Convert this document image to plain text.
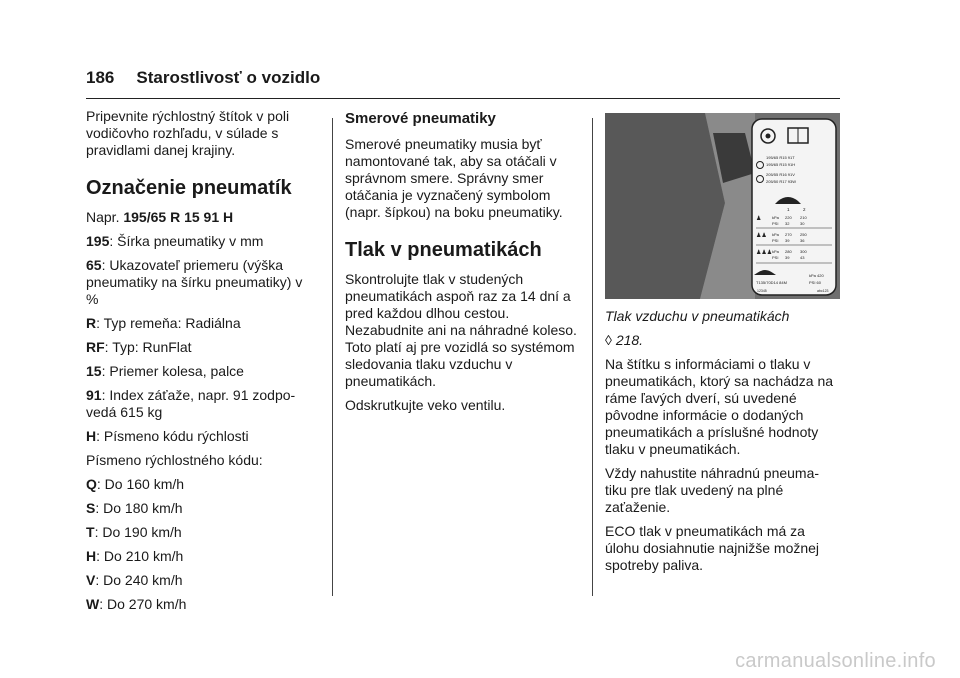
186 Starostlivosť o vozidlo

Pripevnite rýchlostný štítok v poli vodičovho rozhľadu, v súlade s pravidlami danej krajiny.

Označenie pneumatík

Napr. 195/65 R 15 91 H

195: Šírka pneumatiky v mm

65: Ukazovateľ priemeru (výška pneumatiky na šírku pneumatiky) v %

R: Typ remeňa: Radiálna

RF: Typ: RunFlat

15: Priemer kolesa, palce

91: Index záťaže, napr. 91 zodpo-vedá 615 kg

H: Písmeno kódu rýchlosti

Písmeno rýchlostného kódu:

Q: Do 160 km/h

S: Do 180 km/h

T: Do 190 km/h

H: Do 210 km/h

V: Do 240 km/h

W: Do 270 km/h

Smerové pneumatiky

Smerové pneumatiky musia byť namontované tak, aby sa otáčali v správnom smere. Správny smer otáčania je vyznačený symbolom (napr. šípkou) na boku pneumatiky.

Tlak v pneumatikách

Skontrolujte tlak v studených pneumatikách aspoň raz za 14 dní a pred každou dlhou cestou. Nezabudnite ani na náhradné koleso. Toto platí aj pre vozidlá so systémom sledovania tlaku vzduchu v pneumatikách.

Odskrutkujte veko ventilu.

195/65 R15 91T
195/65 R15 91H
205/55 R16 91V
205/50 R17 93W
1	2
♟	kPa 220 210
PSI 32	30
♟♟ kPa 270 250
PSI 39	36
♟♟♟ kPa 280 300
PSI 39	43
T135/70D14 84M
kPa 420
PSI 60
12345	abc123

Tlak vzduchu v pneumatikách

◊ 218.

Na štítku s informáciami o tlaku v pneumatikách, ktorý sa nachádza na ráme ľavých dverí, sú uvedené pôvodne informácie o dodaných pneumatikách a príslušné hodnoty tlaku v pneumatikách.

Vždy nahustite náhradnú pneuma-tiku pre tlak uvedený na plné zaťaženie.

ECO tlak v pneumatikách má za úlohu dosiahnutie najnižše možnej spotreby paliva.

carmanualsonline.info
